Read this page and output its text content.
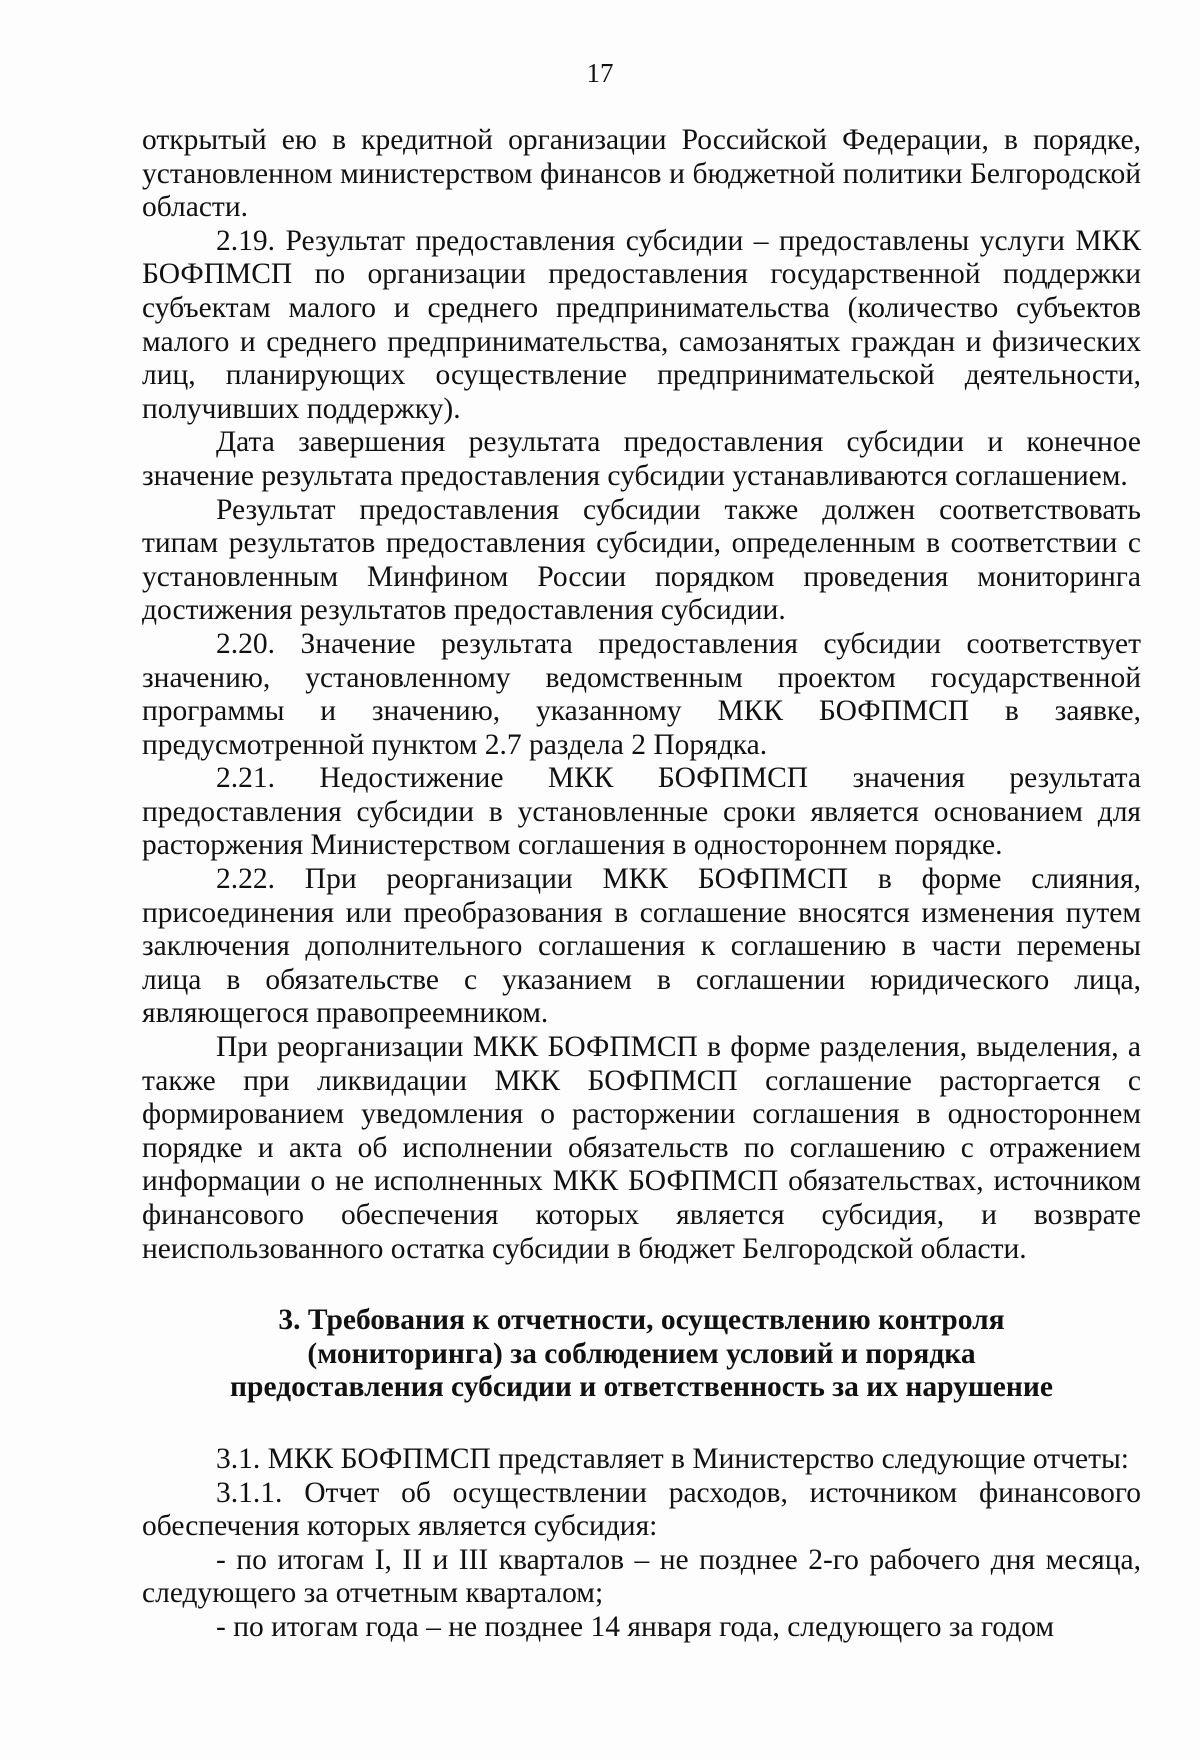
17

открытый ею в кредитной организации Российской Федерации, в порядке, установленном министерством финансов и бюджетной политики Белгородской области.

2.19. Результат предоставления субсидии – предоставлены услуги МКК БОФПМСП по организации предоставления государственной поддержки субъектам малого и среднего предпринимательства (количество субъектов малого и среднего предпринимательства, самозанятых граждан и физических лиц, планирующих осуществление предпринимательской деятельности, получивших поддержку).

Дата завершения результата предоставления субсидии и конечное значение результата предоставления субсидии устанавливаются соглашением.

Результат предоставления субсидии также должен соответствовать типам результатов предоставления субсидии, определенным в соответствии с установленным Минфином России порядком проведения мониторинга достижения результатов предоставления субсидии.

2.20. Значение результата предоставления субсидии соответствует значению, установленному ведомственным проектом государственной программы и значению, указанному МКК БОФПМСП в заявке, предусмотренной пунктом 2.7 раздела 2 Порядка.

2.21. Недостижение МКК БОФПМСП значения результата предоставления субсидии в установленные сроки является основанием для расторжения Министерством соглашения в одностороннем порядке.

2.22. При реорганизации МКК БОФПМСП в форме слияния, присоединения или преобразования в соглашение вносятся изменения путем заключения дополнительного соглашения к соглашению в части перемены лица в обязательстве с указанием в соглашении юридического лица, являющегося правопреемником.

При реорганизации МКК БОФПМСП в форме разделения, выделения, а также при ликвидации МКК БОФПМСП соглашение расторгается с формированием уведомления о расторжении соглашения в одностороннем порядке и акта об исполнении обязательств по соглашению с отражением информации о не исполненных МКК БОФПМСП обязательствах, источником финансового обеспечения которых является субсидия, и возврате неиспользованного остатка субсидии в бюджет Белгородской области.

3. Требования к отчетности, осуществлению контроля
(мониторинга) за соблюдением условий и порядка
предоставления субсидии и ответственность за их нарушение

3.1. МКК БОФПМСП представляет в Министерство следующие отчеты:

3.1.1. Отчет об осуществлении расходов, источником финансового обеспечения которых является субсидия:

- по итогам I, II и III кварталов – не позднее 2-го рабочего дня месяца, следующего за отчетным кварталом;

- по итогам года – не позднее 14 января года, следующего за годом
